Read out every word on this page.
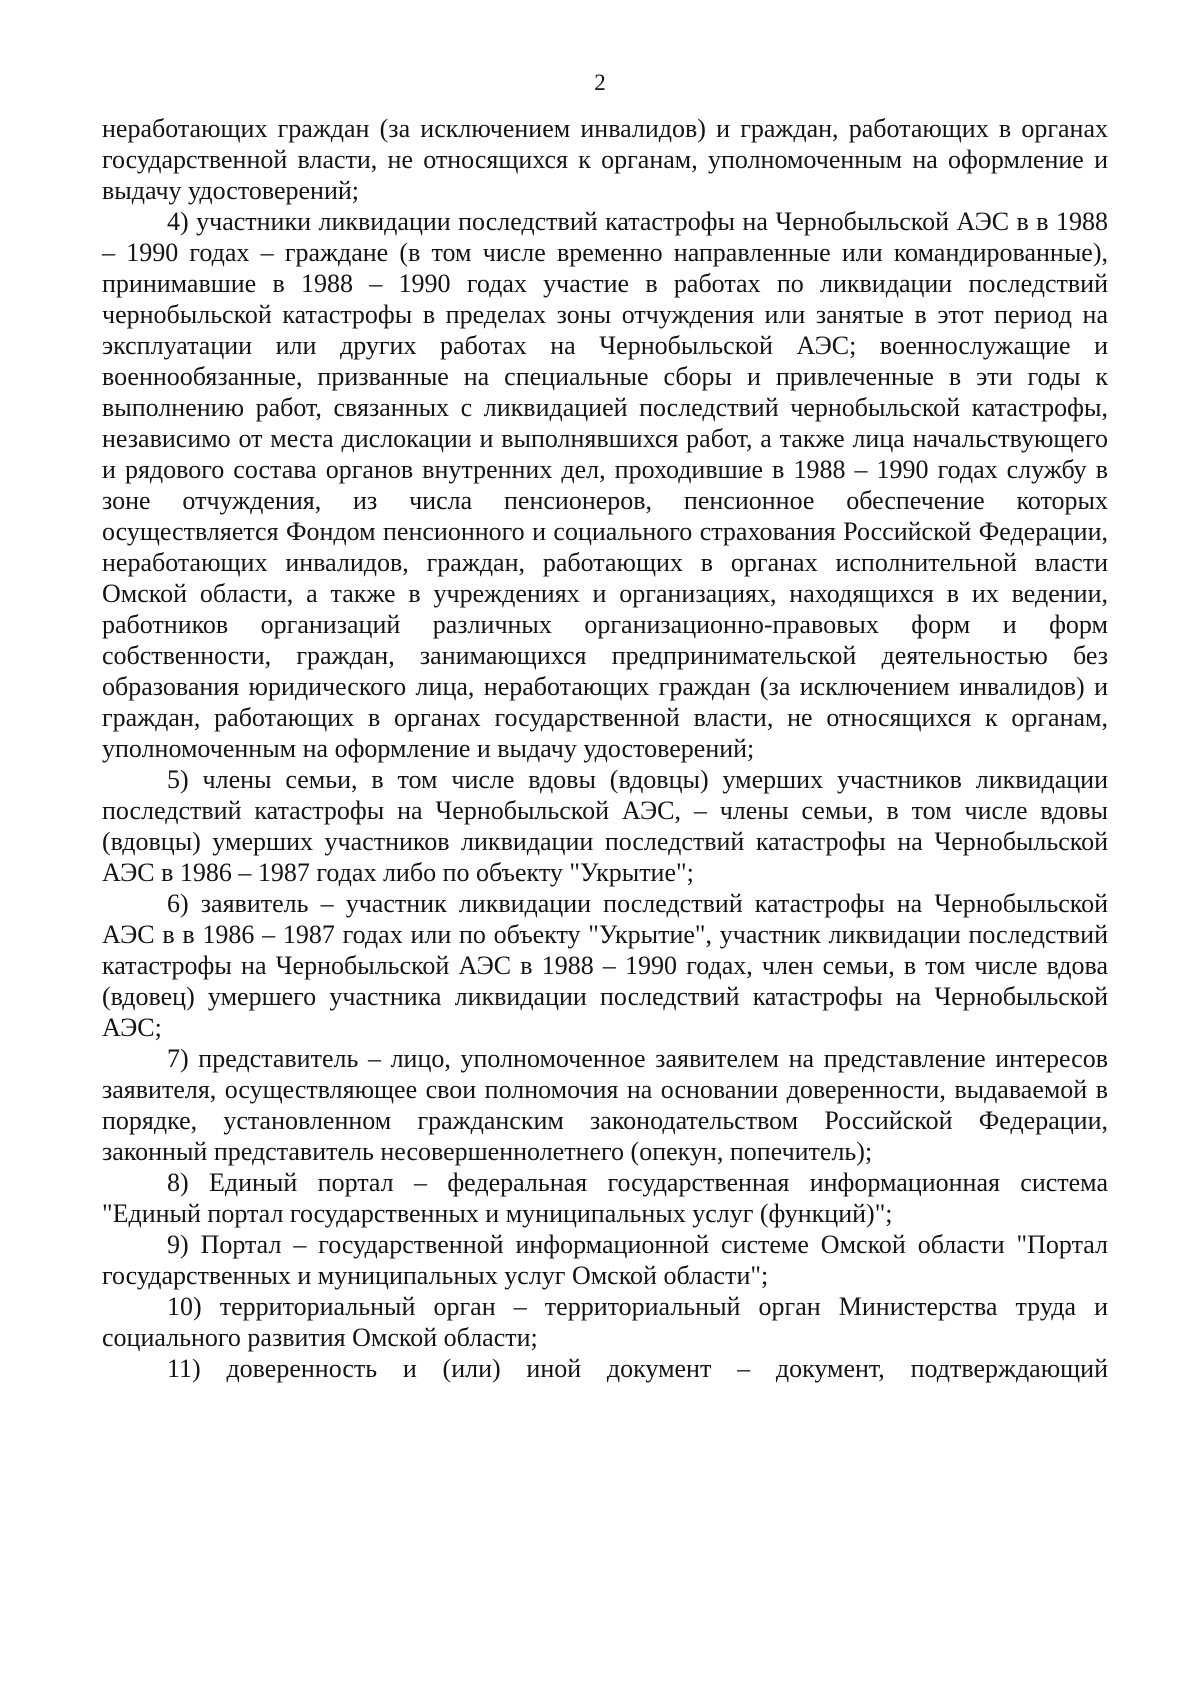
2

неработающих граждан (за исключением инвалидов) и граждан, работающих в органах государственной власти, не относящихся к органам, уполномоченным на оформление и выдачу удостоверений;

4) участники ликвидации последствий катастрофы на Чернобыльской АЭС в в 1988 – 1990 годах – граждане (в том числе временно направленные или командированные), принимавшие в 1988 – 1990 годах участие в работах по ликвидации последствий чернобыльской катастрофы в пределах зоны отчуждения или занятые в этот период на эксплуатации или других работах на Чернобыльской АЭС; военнослужащие и военнообязанные, призванные на специальные сборы и привлеченные в эти годы к выполнению работ, связанных с ликвидацией последствий чернобыльской катастрофы, независимо от места дислокации и выполнявшихся работ, а также лица начальствующего и рядового состава органов внутренних дел, проходившие в 1988 – 1990 годах службу в зоне отчуждения, из числа пенсионеров, пенсионное обеспечение которых осуществляется Фондом пенсионного и социального страхования Российской Федерации, неработающих инвалидов, граждан, работающих в органах исполнительной власти Омской области, а также в учреждениях и организациях, находящихся в их ведении, работников организаций различных организационно-правовых форм и форм собственности, граждан, занимающихся предпринимательской деятельностью без образования юридического лица, неработающих граждан (за исключением инвалидов) и граждан, работающих в органах государственной власти, не относящихся к органам, уполномоченным на оформление и выдачу удостоверений;

5) члены семьи, в том числе вдовы (вдовцы) умерших участников ликвидации последствий катастрофы на Чернобыльской АЭС, – члены семьи, в том числе вдовы (вдовцы) умерших участников ликвидации последствий катастрофы на Чернобыльской АЭС в 1986 – 1987 годах либо по объекту "Укрытие";

6) заявитель – участник ликвидации последствий катастрофы на Чернобыльской АЭС в в 1986 – 1987 годах или по объекту "Укрытие", участник ликвидации последствий катастрофы на Чернобыльской АЭС в 1988 – 1990 годах, член семьи, в том числе вдова (вдовец) умершего участника ликвидации последствий катастрофы на Чернобыльской АЭС;

7) представитель – лицо, уполномоченное заявителем на представление интересов заявителя, осуществляющее свои полномочия на основании доверенности, выдаваемой в порядке, установленном гражданским законодательством Российской Федерации, законный представитель несовершеннолетнего (опекун, попечитель);

8) Единый портал – федеральная государственная информационная система "Единый портал государственных и муниципальных услуг (функций)";

9) Портал – государственной информационной системе Омской области "Портал государственных и муниципальных услуг Омской области";

10) территориальный орган – территориальный орган Министерства труда и социального развития Омской области;

11) доверенность и (или) иной документ – документ, подтверждающий
